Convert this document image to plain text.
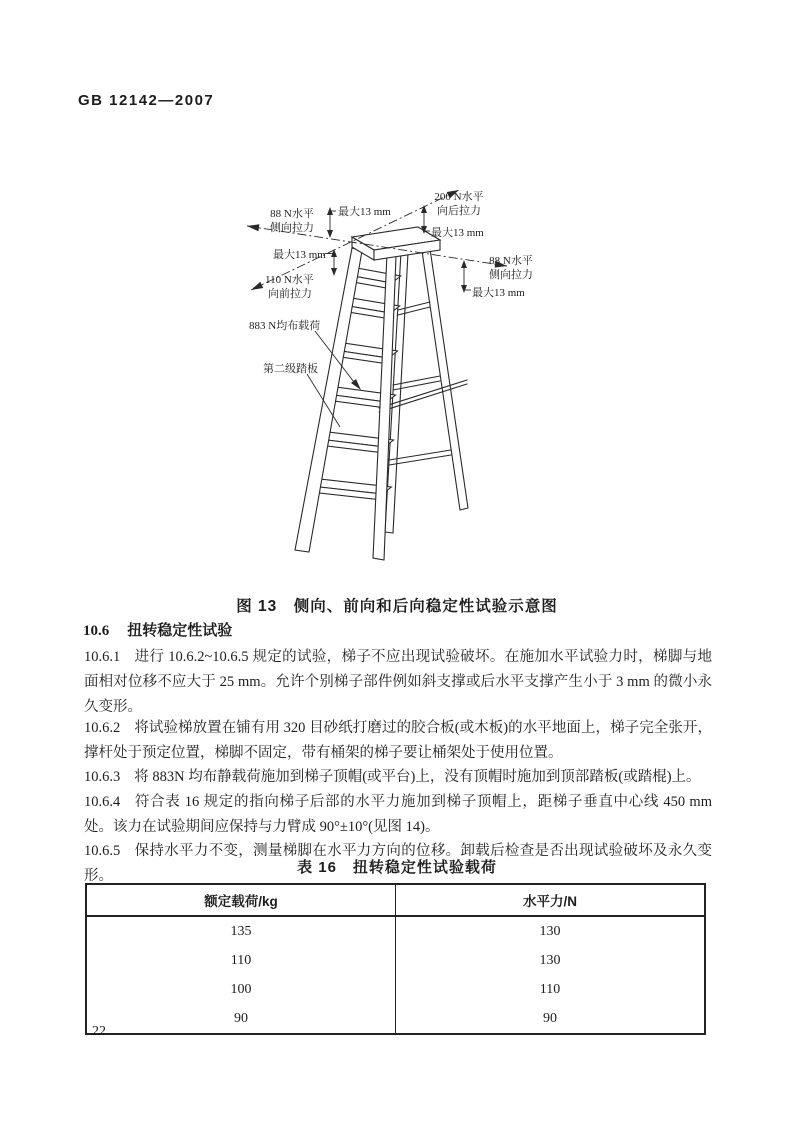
GB 12142—2007
88 N水平
侧向拉力
最大13 mm
200 N水平
向后拉力
最大13 mm
88 N水平
侧向拉力
最大13 mm
最大13 mm
110 N水平
向前拉力
883 N均布载荷
第二级踏板
图 13　侧向、前向和后向稳定性试验示意图
10.6 扭转稳定性试验

10.6.1 进行 10.6.2~10.6.5 规定的试验，梯子不应出现试验破坏。在施加水平试验力时，梯脚与地面相对位移不应大于 25 mm。允许个别梯子部件例如斜支撑或后水平支撑产生小于 3 mm 的微小永久变形。

10.6.2 将试验梯放置在铺有用 320 目砂纸打磨过的胶合板(或木板)的水平地面上，梯子完全张开，撑杆处于预定位置，梯脚不固定，带有桶架的梯子要让桶架处于使用位置。

10.6.3 将 883N 均布静载荷施加到梯子顶帽(或平台)上，没有顶帽时施加到顶部踏板(或踏棍)上。

10.6.4 符合表 16 规定的指向梯子后部的水平力施加到梯子顶帽上，距梯子垂直中心线 450 mm 处。该力在试验期间应保持与力臂成 90°±10°(见图 14)。

10.6.5 保持水平力不变，测量梯脚在水平力方向的位移。卸载后检查是否出现试验破坏及永久变形。	表 16　扭转稳定性试验载荷
额定载荷/kg	水平力/N
135	130
110	130
100	110
90	90
22
